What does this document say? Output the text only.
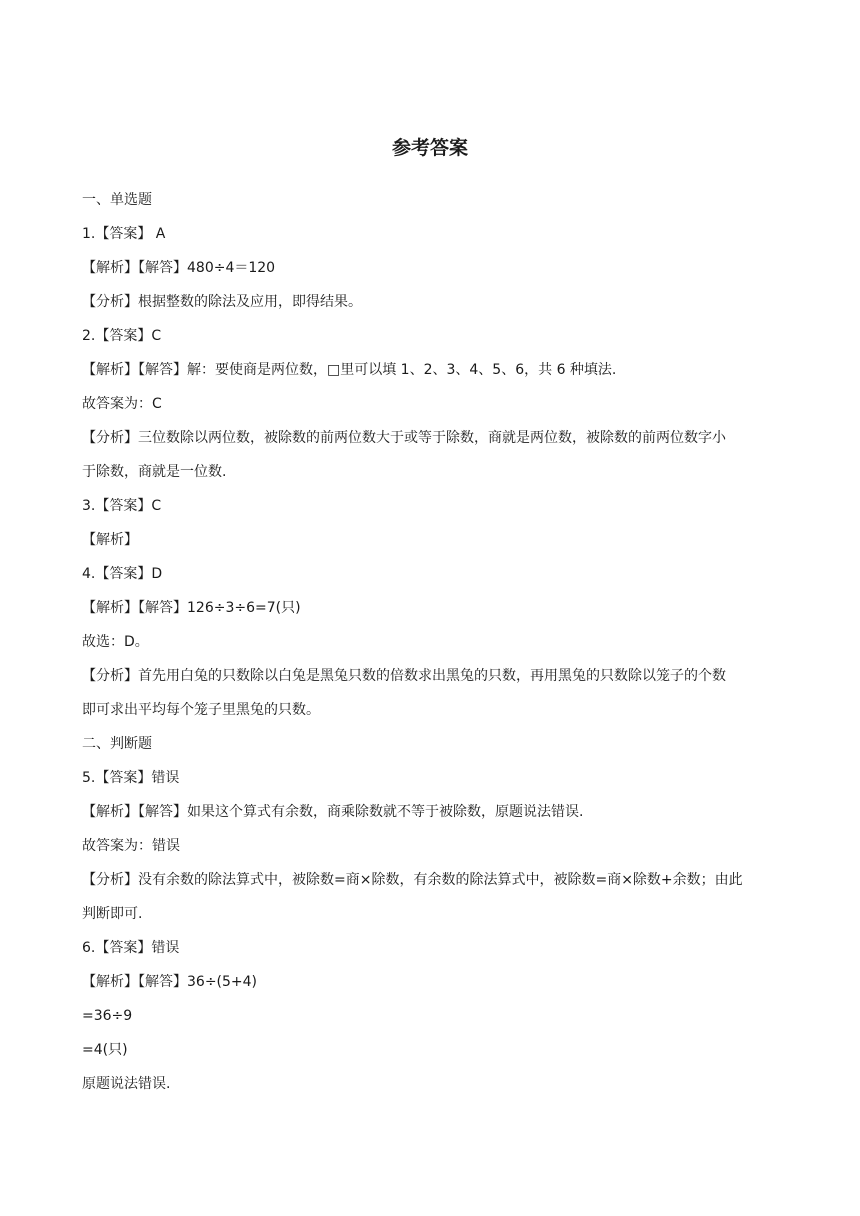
参考答案
一、单选题
1.【答案】 A
【解析】【解答】480÷4＝120
【分析】根据整数的除法及应用，即得结果。
2.【答案】C
【解析】【解答】解：要使商是两位数，□里可以填 1、2、3、4、5、6，共 6 种填法.
故答案为：C
【分析】三位数除以两位数，被除数的前两位数大于或等于除数，商就是两位数，被除数的前两位数字小
于除数，商就是一位数.
3.【答案】C
【解析】
4.【答案】D
【解析】【解答】126÷3÷6=7(只)
故选：D。
【分析】首先用白兔的只数除以白兔是黑兔只数的倍数求出黑兔的只数，再用黑兔的只数除以笼子的个数
即可求出平均每个笼子里黑兔的只数。
二、判断题
5.【答案】错误
【解析】【解答】如果这个算式有余数，商乘除数就不等于被除数，原题说法错误.
故答案为：错误
【分析】没有余数的除法算式中，被除数=商×除数，有余数的除法算式中，被除数=商×除数+余数；由此
判断即可.
6.【答案】错误
【解析】【解答】36÷(5+4)
=36÷9
=4(只)
原题说法错误.
